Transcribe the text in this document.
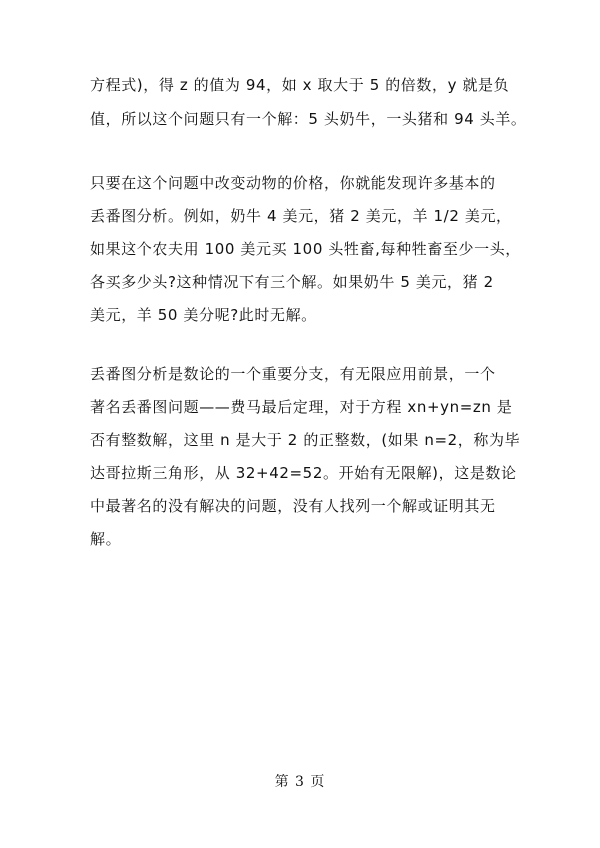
方程式)，得 z 的值为 94，如 x 取大于 5 的倍数，y 就是负
值，所以这个问题只有一个解：5 头奶牛，一头猪和 94 头羊。
只要在这个问题中改变动物的价格，你就能发现许多基本的
丢番图分析。例如，奶牛 4 美元，猪 2 美元，羊 1/2 美元，
如果这个农夫用 100 美元买 100 头牲畜,每种牲畜至少一头，
各买多少头?这种情况下有三个解。如果奶牛 5 美元，猪 2
美元，羊 50 美分呢?此时无解。
丢番图分析是数论的一个重要分支，有无限应用前景，一个
著名丢番图问题——费马最后定理，对于方程 xn+yn=zn 是
否有整数解，这里 n 是大于 2 的正整数，(如果 n=2，称为毕
达哥拉斯三角形，从 32+42=52。开始有无限解)，这是数论
中最著名的没有解决的问题，没有人找列一个解或证明其无
解。
第 3 页
